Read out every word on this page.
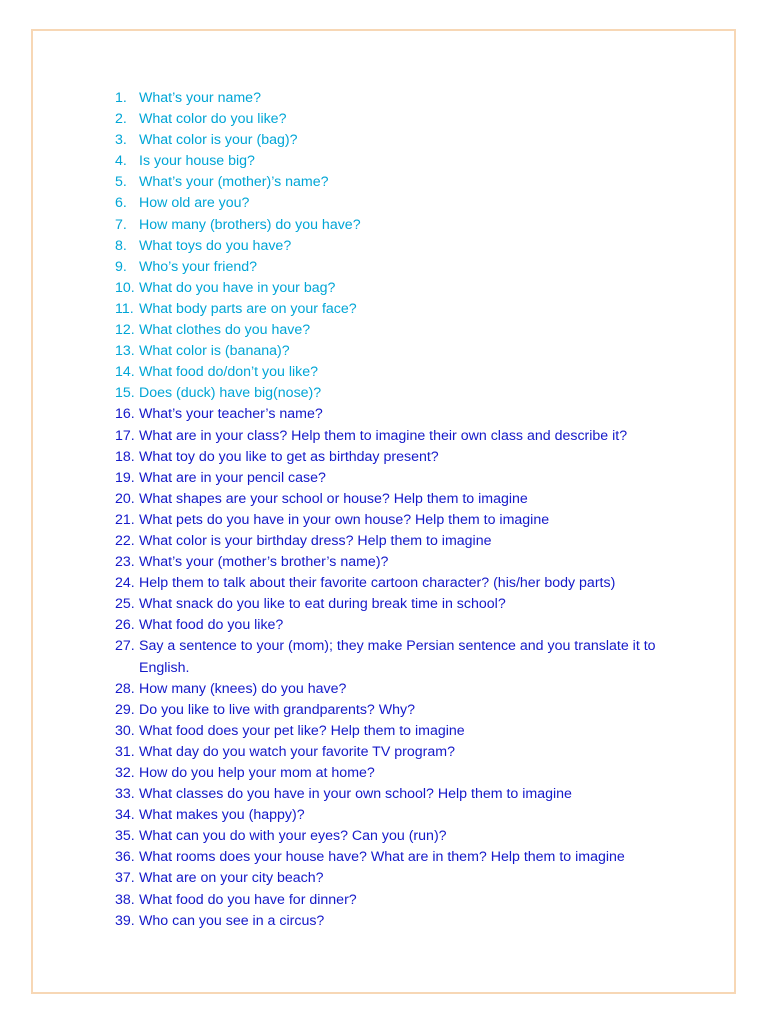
1. What’s your name?
2. What color do you like?
3. What color is your (bag)?
4. Is your house big?
5. What’s your (mother)’s name?
6. How old are you?
7. How many (brothers) do you have?
8. What toys do you have?
9. Who’s your friend?
10. What do you have in your bag?
11. What body parts are on your face?
12. What clothes do you have?
13. What color is (banana)?
14. What food do/don’t you like?
15. Does (duck) have big(nose)?
16. What’s your teacher’s name?
17. What are in your class? Help them to imagine their own class and describe it?
18. What toy do you like to get as birthday present?
19. What are in your pencil case?
20. What shapes are your school or house? Help them to imagine
21. What pets do you have in your own house? Help them to imagine
22. What color is your birthday dress? Help them to imagine
23. What’s your (mother’s brother’s name)?
24. Help them to talk about their favorite cartoon character? (his/her body parts)
25. What snack do you like to eat during break time in school?
26. What food do you like?
27. Say a sentence to your (mom); they make Persian sentence and you translate it to English.
28. How many (knees) do you have?
29. Do you like to live with grandparents? Why?
30. What food does your pet like? Help them to imagine
31. What day do you watch your favorite TV program?
32. How do you help your mom at home?
33. What classes do you have in your own school? Help them to imagine
34. What makes you (happy)?
35. What can you do with your eyes? Can you (run)?
36. What rooms does your house have? What are in them? Help them to imagine
37. What are on your city beach?
38. What food do you have for dinner?
39. Who can you see in a circus?
